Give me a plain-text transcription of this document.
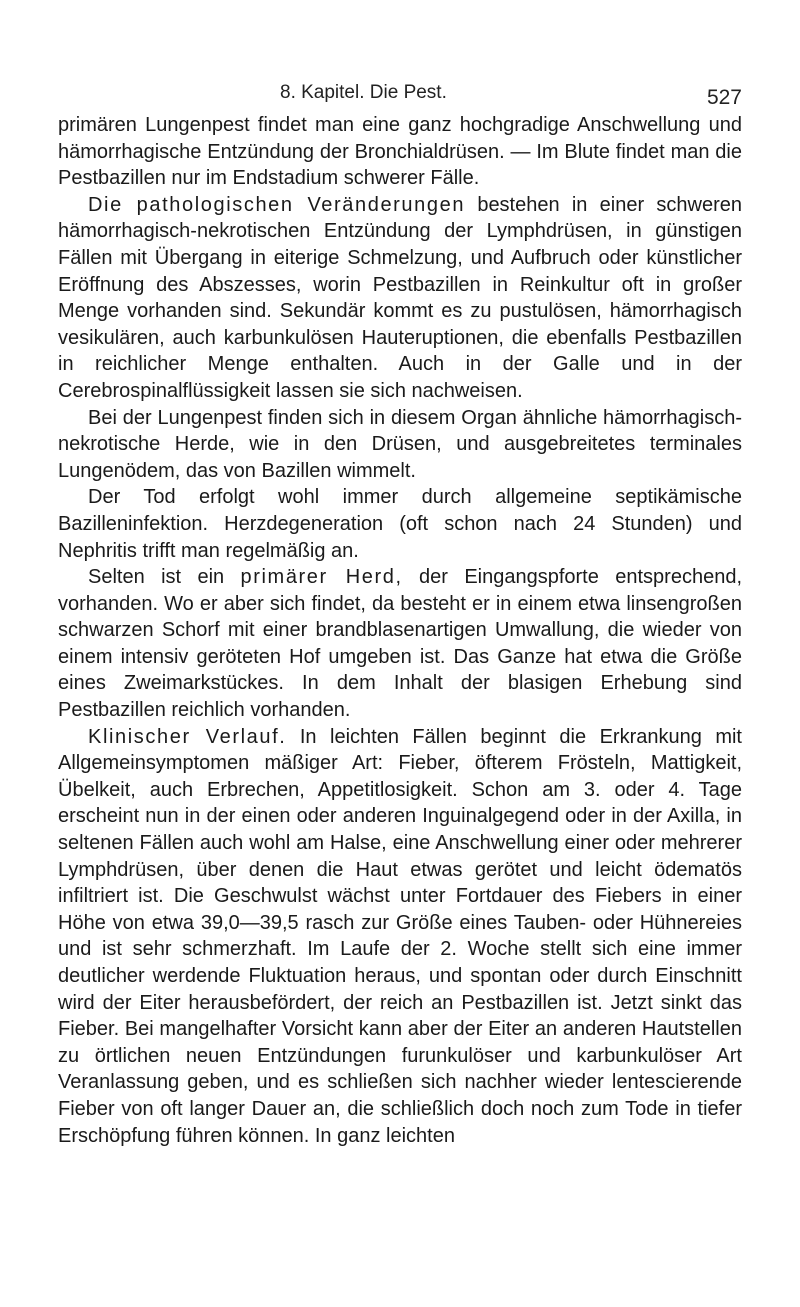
8. Kapitel. Die Pest.	527

primären Lungenpest findet man eine ganz hochgradige Anschwellung und hämorrhagische Entzündung der Bronchialdrüsen. — Im Blute findet man die Pestbazillen nur im Endstadium schwerer Fälle.

Die pathologischen Veränderungen bestehen in einer schweren hämorrhagisch-nekrotischen Entzündung der Lymphdrüsen, in günstigen Fällen mit Übergang in eiterige Schmelzung, und Aufbruch oder künstlicher Eröffnung des Abszesses, worin Pestbazillen in Reinkultur oft in großer Menge vorhanden sind. Sekundär kommt es zu pustulösen, hämorrhagisch vesikulären, auch karbunkulösen Hauteruptionen, die ebenfalls Pestbazillen in reichlicher Menge enthalten. Auch in der Galle und in der Cerebrospinalflüssigkeit lassen sie sich nachweisen.

Bei der Lungenpest finden sich in diesem Organ ähnliche hämorrhagisch-nekrotische Herde, wie in den Drüsen, und ausgebreitetes terminales Lungenödem, das von Bazillen wimmelt.

Der Tod erfolgt wohl immer durch allgemeine septikämische Bazilleninfektion. Herzdegeneration (oft schon nach 24 Stunden) und Nephritis trifft man regelmäßig an.

Selten ist ein primärer Herd, der Eingangspforte entsprechend, vorhanden. Wo er aber sich findet, da besteht er in einem etwa linsengroßen schwarzen Schorf mit einer brandblasenartigen Umwallung, die wieder von einem intensiv geröteten Hof umgeben ist. Das Ganze hat etwa die Größe eines Zweimarkstückes. In dem Inhalt der blasigen Erhebung sind Pestbazillen reichlich vorhanden.

Klinischer Verlauf. In leichten Fällen beginnt die Erkrankung mit Allgemeinsymptomen mäßiger Art: Fieber, öfterem Frösteln, Mattigkeit, Übelkeit, auch Erbrechen, Appetitlosigkeit. Schon am 3. oder 4. Tage erscheint nun in der einen oder anderen Inguinalgegend oder in der Axilla, in seltenen Fällen auch wohl am Halse, eine Anschwellung einer oder mehrerer Lymphdrüsen, über denen die Haut etwas gerötet und leicht ödematös infiltriert ist. Die Geschwulst wächst unter Fortdauer des Fiebers in einer Höhe von etwa 39,0—39,5 rasch zur Größe eines Tauben- oder Hühnereies und ist sehr schmerzhaft. Im Laufe der 2. Woche stellt sich eine immer deutlicher werdende Fluktuation heraus, und spontan oder durch Einschnitt wird der Eiter herausbefördert, der reich an Pestbazillen ist. Jetzt sinkt das Fieber. Bei mangelhafter Vorsicht kann aber der Eiter an anderen Hautstellen zu örtlichen neuen Entzündungen furunkulöser und karbunkulöser Art Veranlassung geben, und es schließen sich nachher wieder lentescierende Fieber von oft langer Dauer an, die schließlich doch noch zum Tode in tiefer Erschöpfung führen können. In ganz leichten
